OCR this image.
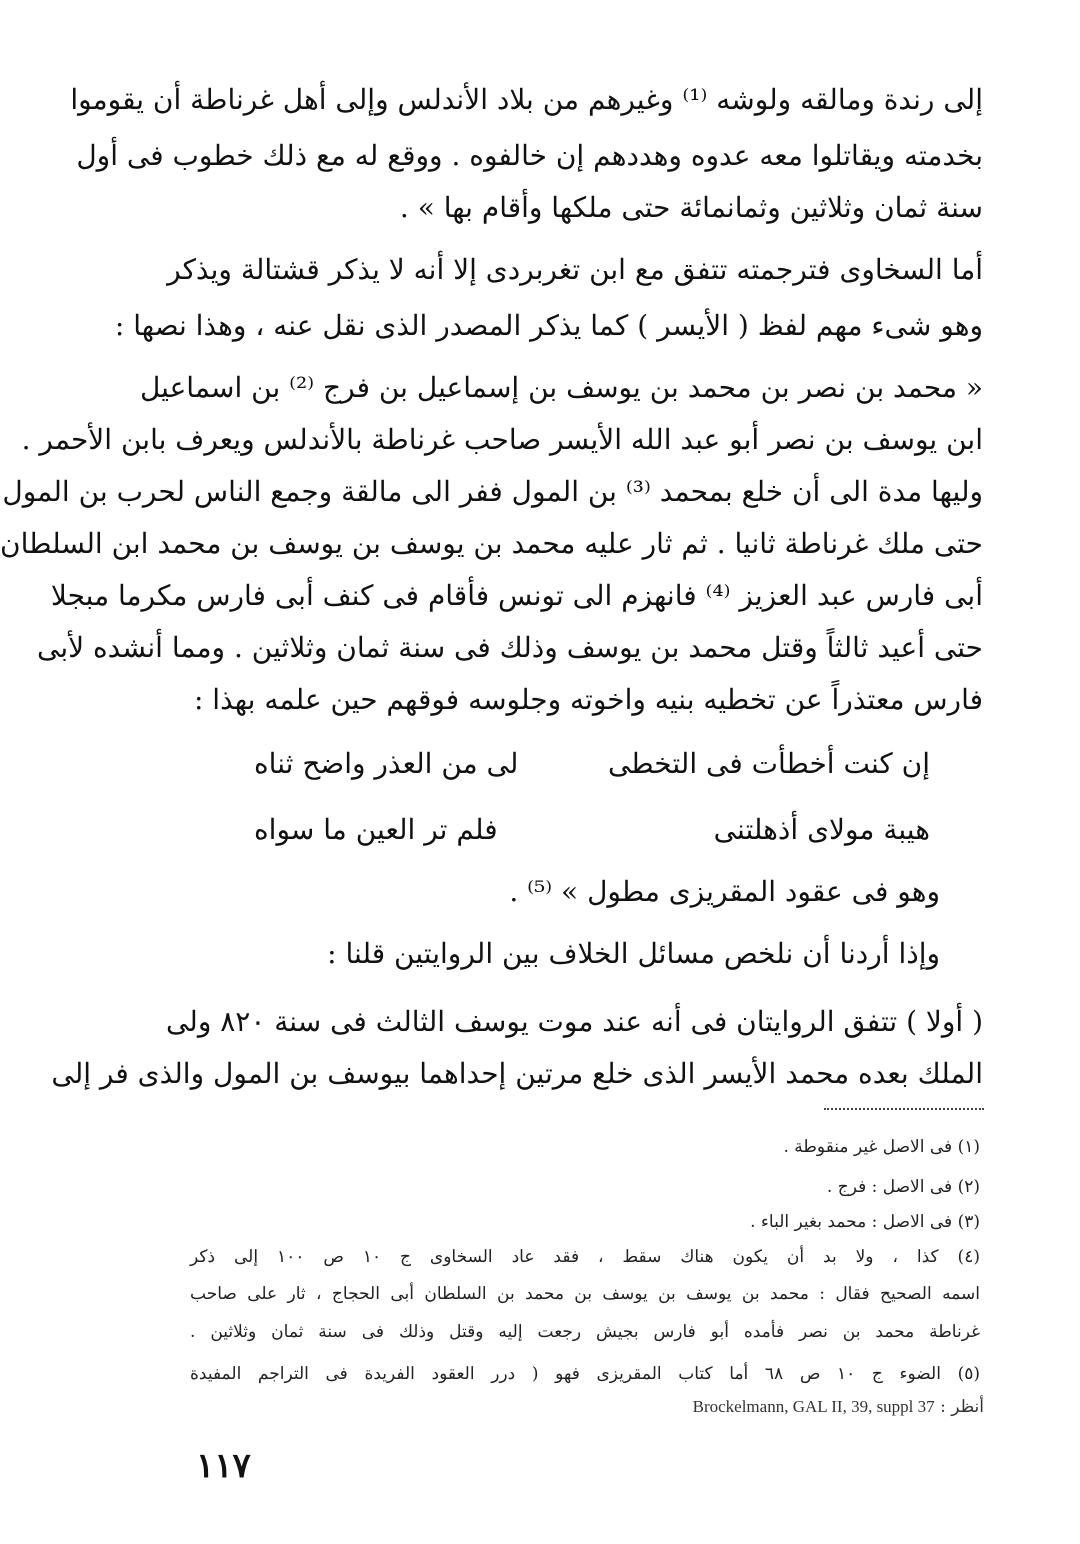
إلى رندة ومالقه ولوشه ⁽¹⁾ وغيرهم من بلاد الأندلس وإلى أهل غرناطة أن يقوموا
بخدمته ويقاتلوا معه عدوه وهددهم إن خالفوه . ووقع له مع ذلك خطوب فى أول
سنة ثمان وثلاثين وثمانمائة حتى ملكها وأقام بها » .
أما السخاوى فترجمته تتفق مع ابن تغربردى إلا أنه لا يذكر قشتالة ويذكر
وهو شىء مهم لفظ ( الأيسر ) كما يذكر المصدر الذى نقل عنه ، وهذا نصها :
« محمد بن نصر بن محمد بن يوسف بن إسماعيل بن فرج ⁽²⁾ بن اسماعيل
ابن يوسف بن نصر أبو عبد الله الأيسر صاحب غرناطة بالأندلس ويعرف بابن الأحمر .
وليها مدة الى أن خلع بمحمد ⁽³⁾ بن المول ففر الى مالقة وجمع الناس لحرب بن المول
حتى ملك غرناطة ثانيا . ثم ثار عليه محمد بن يوسف بن يوسف بن محمد ابن السلطان
أبى فارس عبد العزيز ⁽⁴⁾ فانهزم الى تونس فأقام فى كنف أبى فارس مكرما مبجلا
حتى أعيد ثالثاً وقتل محمد بن يوسف وذلك فى سنة ثمان وثلاثين . ومما أنشده لأبى
فارس معتذراً عن تخطيه بنيه واخوته وجلوسه فوقهم حين علمه بهذا :
إن كنت أخطأت فى التخطى
لى من العذر واضح ثناه
هيبة مولاى أذهلتنى
فلم تر العين ما سواه
وهو فى عقود المقريزى مطول » ⁽⁵⁾ .
وإذا أردنا أن نلخص مسائل الخلاف بين الروايتين قلنا :
( أولا ) تتفق الروايتان فى أنه عند موت يوسف الثالث فى سنة ٨٢٠ ولى
الملك بعده محمد الأيسر الذى خلع مرتين إحداهما بيوسف بن المول والذى فر إلى
(١) فى الاصل غير منقوطة .
(٢) فى الاصل : فرج .
(٣) فى الاصل : محمد بغير الباء .
(٤) كذا ، ولا بد أن يكون هناك سقط ، فقد عاد السخاوى ج ١٠ ص ١٠٠ إلى ذكر
اسمه الصحيح فقال : محمد بن يوسف بن يوسف بن محمد بن السلطان أبى الحجاج ، ثار على صاحب
غرناطة محمد بن نصر فأمده أبو فارس بجيش رجعت إليه وقتل وذلك فى سنة ثمان وثلاثين .
(٥) الضوء ج ١٠ ص ٦٨ أما كتاب المقريزى فهو ( درر العقود الفريدة فى التراجم المفيدة
أنظر : Brockelmann, GAL II, 39, suppl 37
١١٧
